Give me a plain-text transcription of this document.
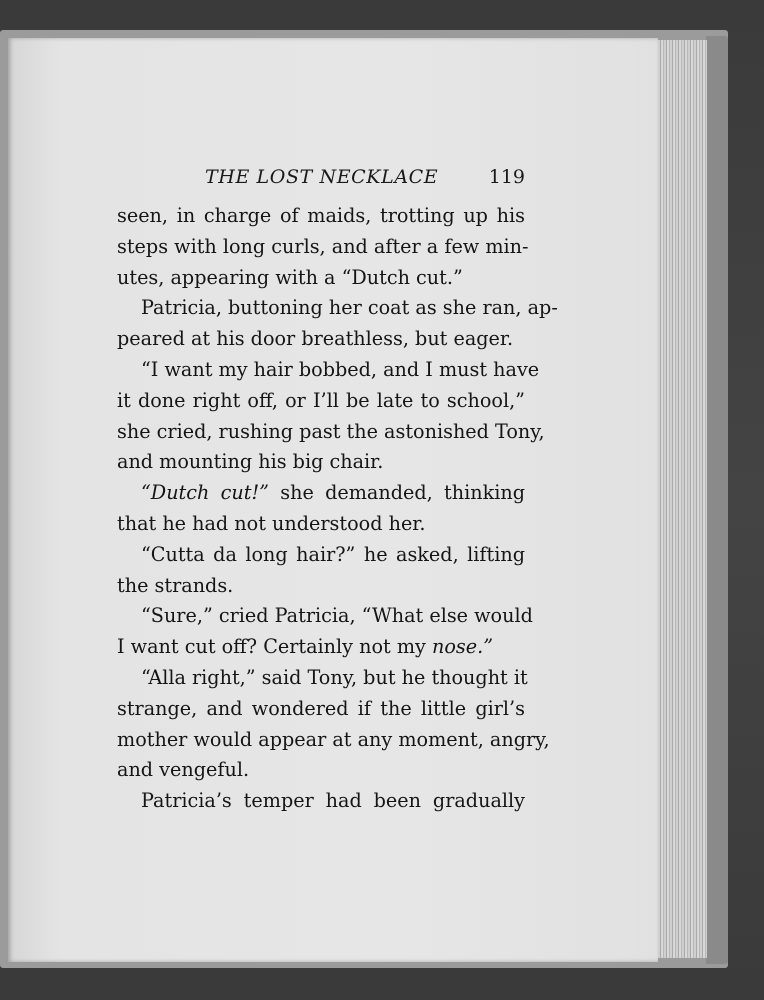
THE LOST NECKLACE	119
seen, in charge of maids, trotting up his
steps with long curls, and after a few min-
utes, appearing with a “Dutch cut.”
Patricia, buttoning her coat as she ran, ap-
peared at his door breathless, but eager.
“I want my hair bobbed, and I must have
it done right off, or I’ll be late to school,”
she cried, rushing past the astonished Tony,
and mounting his big chair.
“Dutch cut!” she demanded, thinking
that he had not understood her.
“Cutta da long hair?” he asked, lifting
the strands.
“Sure,” cried Patricia, “What else would
I want cut off? Certainly not my nose.”
“Alla right,” said Tony, but he thought it
strange, and wondered if the little girl’s
mother would appear at any moment, angry,
and vengeful.
Patricia’s temper had been gradually
